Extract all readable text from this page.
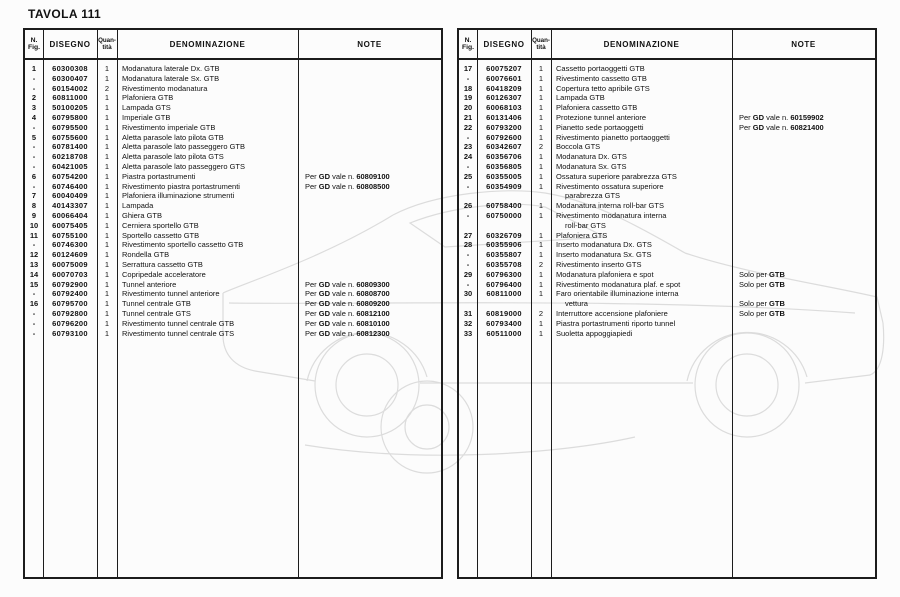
TAVOLA 111
N.
Fig.	DISEGNO	Quan-
tità	DENOMINAZIONE	NOTE
1	60300308	1	Modanatura laterale Dx. GTB
-	60300407	1	Modanatura laterale Sx. GTB
-	60154002	2	Rivestimento modanatura
2	60811000	1	Plafoniera GTB
3	50100205	1	Lampada GTS
4	60795800	1	Imperiale GTB
-	60795500	1	Rivestimento imperiale GTB
5	60755600	1	Aletta parasole lato pilota GTB
-	60781400	1	Aletta parasole lato passeggero GTB
-	60218708	1	Aletta parasole lato pilota GTS
-	60421005	1	Aletta parasole lato passeggero GTS
6	60754200	1	Piastra portastrumenti	Per GD vale n. 60809100
-	60746400	1	Rivestimento piastra portastrumenti	Per GD vale n. 60808500
7	60040409	1	Plafoniera illuminazione strumenti
8	40143307	1	Lampada
9	60066404	1	Ghiera GTB
10	60075405	1	Cerniera sportello GTB
11	60755100	1	Sportello cassetto GTB
-	60746300	1	Rivestimento sportello cassetto GTB
12	60124609	1	Rondella GTB
13	60075009	1	Serrattura cassetto GTB
14	60070703	1	Copripedale acceleratore
15	60792900	1	Tunnel anteriore	Per GD vale n. 60809300
-	60792400	1	Rivestimento tunnel anteriore	Per GD vale n. 60808700
16	60795700	1	Tunnel centrale GTB	Per GD vale n. 60809200
-	60792800	1	Tunnel centrale GTS	Per GD vale n. 60812100
-	60796200	1	Rivestimento tunnel centrale GTB	Per GD vale n. 60810100
-	60793100	1	Rivestimento tunnel centrale GTS	Per GD vale n. 60812300
N.
Fig.	DISEGNO	Quan-
tità	DENOMINAZIONE	NOTE
17	60075207	1	Cassetto portaoggetti GTB
-	60076601	1	Rivestimento cassetto GTB
18	60418209	1	Copertura tetto apribile GTS
19	60126307	1	Lampada GTB
20	60068103	1	Plafoniera cassetto GTB
21	60131406	1	Protezione tunnel anteriore	Per GD vale n. 60159902
22	60793200	1	Pianetto sede portaoggetti	Per GD vale n. 60821400
-	60792600	1	Rivestimento pianetto portaoggetti
23	60342607	2	Boccola GTS
24	60356706	1	Modanatura Dx. GTS
-	60356805	1	Modanatura Sx. GTS
25	60355005	1	Ossatura superiore parabrezza GTS
-	60354909	1	Rivestimento ossatura superiore
parabrezza GTS
26	60758400	1	Modanatura interna roll-bar GTS
-	60750000	1	Rivestimento modanatura interna
roll-bar GTS
27	60326709	1	Plafoniera GTS
28	60355906	1	Inserto modanatura Dx. GTS
-	60355807	1	Inserto modanatura Sx. GTS
-	60355708	2	Rivestimento inserto GTS
29	60796300	1	Modanatura plafoniera e spot	Solo per GTB
-	60796400	1	Rivestimento modanatura plaf. e spot	Solo per GTB
30	60811000	1	Faro orientabile illuminazione interna
vettura	Solo per GTB
31	60819000	2	Interruttore accensione plafoniere	Solo per GTB
32	60793400	1	Piastra portastrumenti riporto tunnel
33	60511000	1	Suoletta appoggiapiedi
